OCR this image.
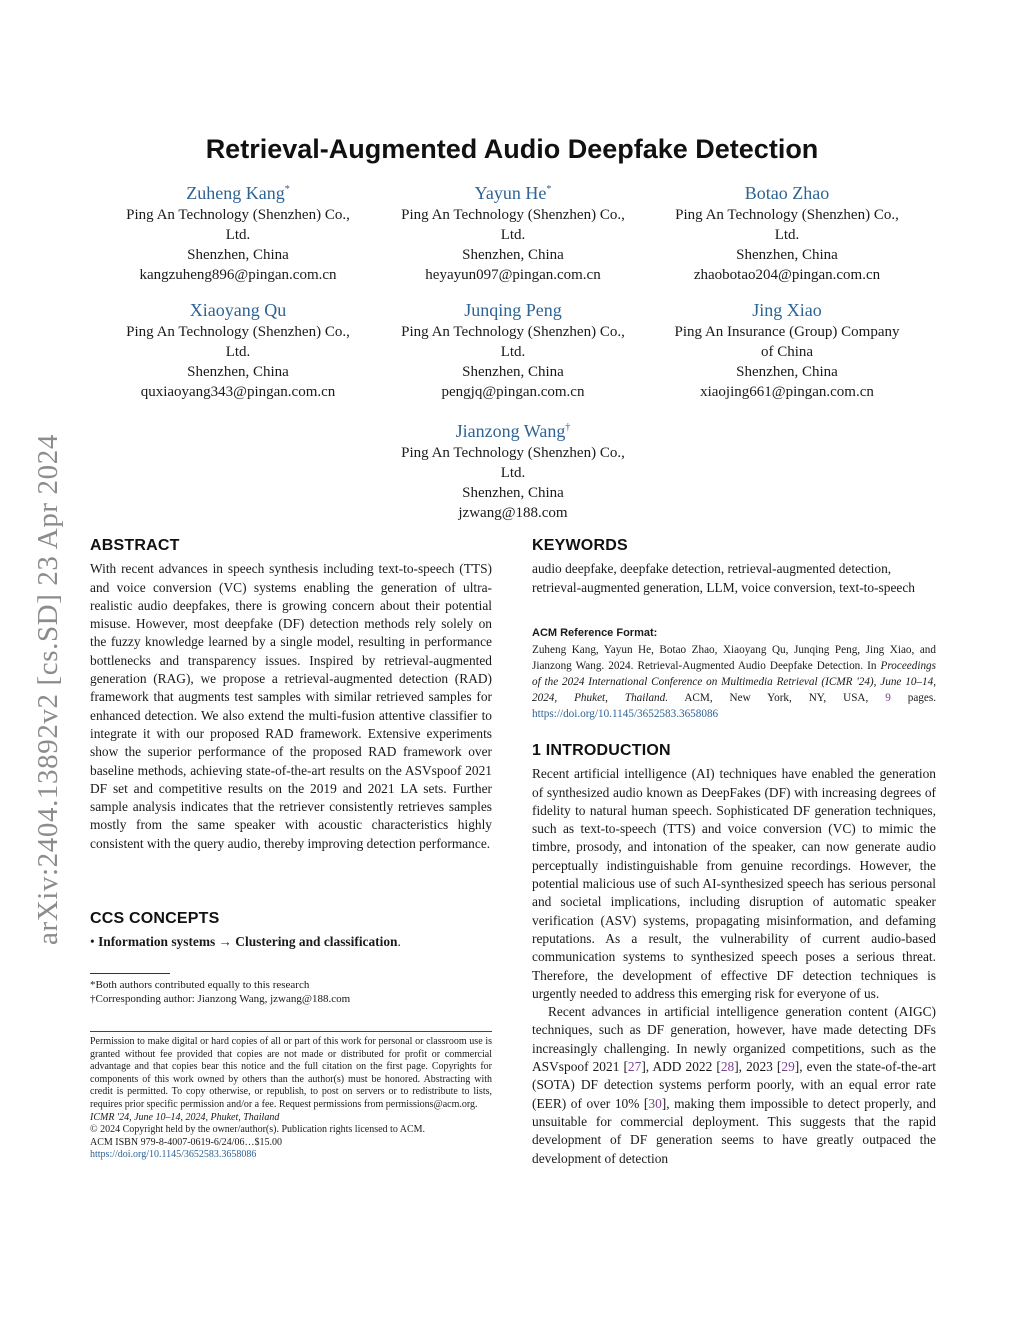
arXiv:2404.13892v2 [cs.SD] 23 Apr 2024
Retrieval-Augmented Audio Deepfake Detection
Zuheng Kang*
Ping An Technology (Shenzhen) Co.,
Ltd.
Shenzhen, China
kangzuheng896@pingan.com.cn
Yayun He*
Ping An Technology (Shenzhen) Co.,
Ltd.
Shenzhen, China
heyayun097@pingan.com.cn
Botao Zhao
Ping An Technology (Shenzhen) Co.,
Ltd.
Shenzhen, China
zhaobotao204@pingan.com.cn
Xiaoyang Qu
Ping An Technology (Shenzhen) Co.,
Ltd.
Shenzhen, China
quxiaoyang343@pingan.com.cn
Junqing Peng
Ping An Technology (Shenzhen) Co.,
Ltd.
Shenzhen, China
pengjq@pingan.com.cn
Jing Xiao
Ping An Insurance (Group) Company
of China
Shenzhen, China
xiaojing661@pingan.com.cn
Jianzong Wang†
Ping An Technology (Shenzhen) Co.,
Ltd.
Shenzhen, China
jzwang@188.com
ABSTRACT

With recent advances in speech synthesis including text-to-speech (TTS) and voice conversion (VC) systems enabling the generation of ultra-realistic audio deepfakes, there is growing concern about their potential misuse. However, most deepfake (DF) detection methods rely solely on the fuzzy knowledge learned by a single model, resulting in performance bottlenecks and transparency issues. Inspired by retrieval-augmented generation (RAG), we propose a retrieval-augmented detection (RAD) framework that augments test samples with similar retrieved samples for enhanced detection. We also extend the multi-fusion attentive classifier to integrate it with our proposed RAD framework. Extensive experiments show the superior performance of the proposed RAD framework over baseline methods, achieving state-of-the-art results on the ASVspoof 2021 DF set and competitive results on the 2019 and 2021 LA sets. Further sample analysis indicates that the retriever consistently retrieves samples mostly from the same speaker with acoustic characteristics highly consistent with the query audio, thereby improving detection performance.

CCS CONCEPTS

• Information systems → Clustering and classification.

*Both authors contributed equally to this research
†Corresponding author: Jianzong Wang, jzwang@188.com

Permission to make digital or hard copies of all or part of this work for personal or classroom use is granted without fee provided that copies are not made or distributed for profit or commercial advantage and that copies bear this notice and the full citation on the first page. Copyrights for components of this work owned by others than the author(s) must be honored. Abstracting with credit is permitted. To copy otherwise, or republish, to post on servers or to redistribute to lists, requires prior specific permission and/or a fee. Request permissions from permissions@acm.org.

ICMR '24, June 10–14, 2024, Phuket, Thailand

© 2024 Copyright held by the owner/author(s). Publication rights licensed to ACM.

ACM ISBN 979-8-4007-0619-6/24/06…$15.00

https://doi.org/10.1145/3652583.3658086

KEYWORDS

audio deepfake, deepfake detection, retrieval-augmented detection, retrieval-augmented generation, LLM, voice conversion, text-to-speech

ACM Reference Format:

Zuheng Kang, Yayun He, Botao Zhao, Xiaoyang Qu, Junqing Peng, Jing Xiao, and Jianzong Wang. 2024. Retrieval-Augmented Audio Deepfake Detection. In Proceedings of the 2024 International Conference on Multimedia Retrieval (ICMR '24), June 10–14, 2024, Phuket, Thailand. ACM, New York, NY, USA, 9 pages. https://doi.org/10.1145/3652583.3658086

1 INTRODUCTION

Recent artificial intelligence (AI) techniques have enabled the generation of synthesized audio known as DeepFakes (DF) with increasing degrees of fidelity to natural human speech. Sophisticated DF generation techniques, such as text-to-speech (TTS) and voice conversion (VC) to mimic the timbre, prosody, and intonation of the speaker, can now generate audio perceptually indistinguishable from genuine recordings. However, the potential malicious use of such AI-synthesized speech has serious personal and societal implications, including disruption of automatic speaker verification (ASV) systems, propagating misinformation, and defaming reputations. As a result, the vulnerability of current audio-based communication systems to synthesized speech poses a serious threat. Therefore, the development of effective DF detection techniques is urgently needed to address this emerging risk for everyone of us.

Recent advances in artificial intelligence generation content (AIGC) techniques, such as DF generation, however, have made detecting DFs increasingly challenging. In newly organized competitions, such as the ASVspoof 2021 [27], ADD 2022 [28], 2023 [29], even the state-of-the-art (SOTA) DF detection systems perform poorly, with an equal error rate (EER) of over 10% [30], making them impossible to detect properly, and unsuitable for commercial deployment. This suggests that the rapid development of DF generation seems to have greatly outpaced the development of detection
